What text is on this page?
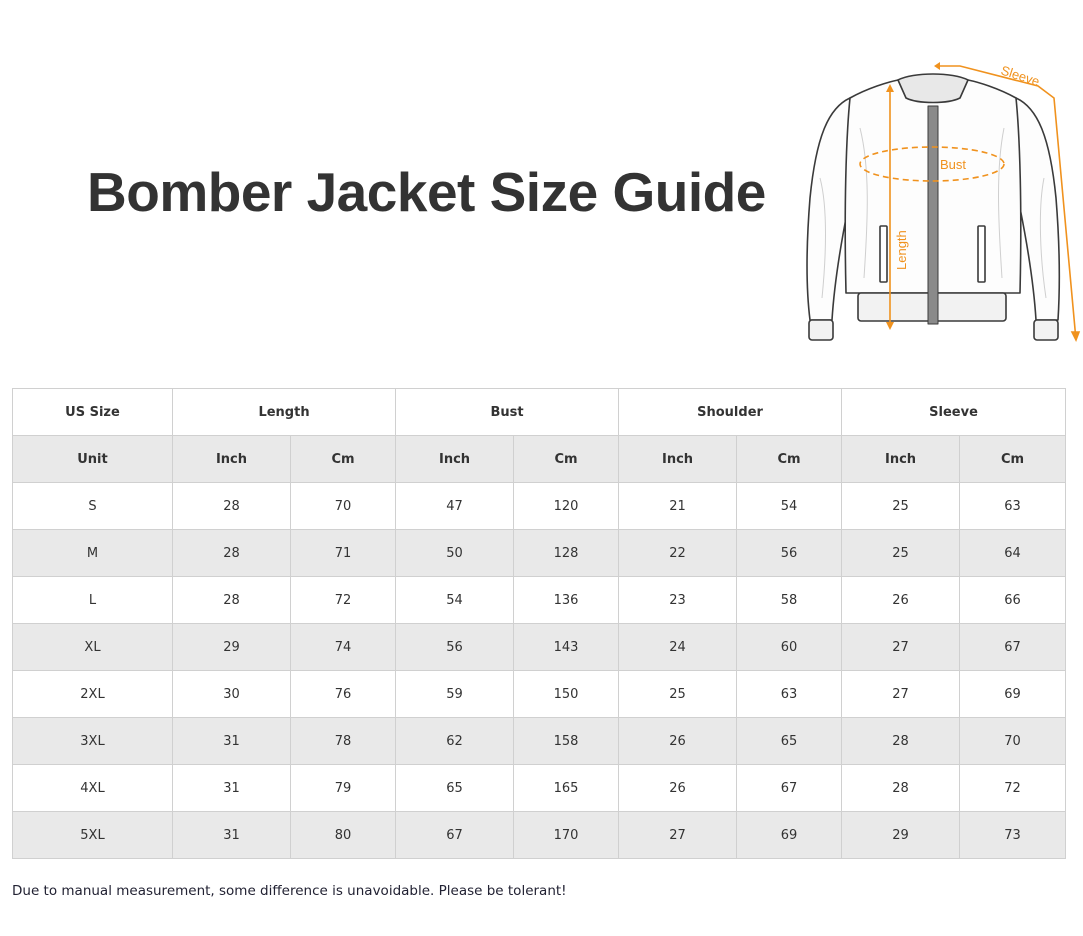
Bomber Jacket Size Guide
Sleeve
Bust
Length
US Size	Length		Bust		Shoulder		Sleeve	
Unit	Inch	Cm	Inch	Cm	Inch	Cm	Inch	Cm
S	28	70	47	120	21	54	25	63
M	28	71	50	128	22	56	25	64
L	28	72	54	136	23	58	26	66
XL	29	74	56	143	24	60	27	67
2XL	30	76	59	150	25	63	27	69
3XL	31	78	62	158	26	65	28	70
4XL	31	79	65	165	26	67	28	72
5XL	31	80	67	170	27	69	29	73
Due to manual measurement, some difference is unavoidable. Please be tolerant!
